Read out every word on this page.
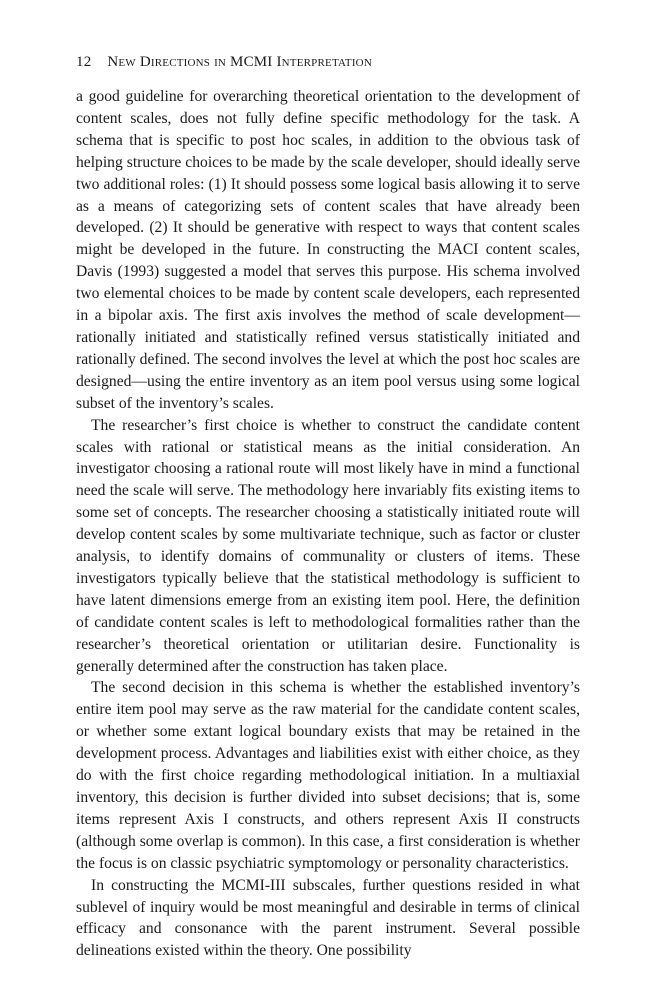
12 New Directions in MCMI Interpretation

a good guideline for overarching theoretical orientation to the development of content scales, does not fully define specific methodology for the task. A schema that is specific to post hoc scales, in addition to the obvious task of helping structure choices to be made by the scale developer, should ideally serve two additional roles: (1) It should possess some logical basis allowing it to serve as a means of categorizing sets of content scales that have already been developed. (2) It should be generative with respect to ways that content scales might be developed in the future. In constructing the MACI content scales, Davis (1993) suggested a model that serves this purpose. His schema involved two elemental choices to be made by content scale developers, each represented in a bipolar axis. The first axis involves the method of scale development—rationally initiated and statistically refined versus statistically initiated and rationally defined. The second involves the level at which the post hoc scales are designed—using the entire inventory as an item pool versus using some logical subset of the inventory’s scales.

The researcher’s first choice is whether to construct the candidate content scales with rational or statistical means as the initial consideration. An investigator choosing a rational route will most likely have in mind a functional need the scale will serve. The methodology here invariably fits existing items to some set of concepts. The researcher choosing a statistically initiated route will develop content scales by some multivariate technique, such as factor or cluster analysis, to identify domains of communality or clusters of items. These investigators typically believe that the statistical methodology is sufficient to have latent dimensions emerge from an existing item pool. Here, the definition of candidate content scales is left to methodological formalities rather than the researcher’s theoretical orientation or utilitarian desire. Functionality is generally determined after the construction has taken place.

The second decision in this schema is whether the established inventory’s entire item pool may serve as the raw material for the candidate content scales, or whether some extant logical boundary exists that may be retained in the development process. Advantages and liabilities exist with either choice, as they do with the first choice regarding methodological initiation. In a multiaxial inventory, this decision is further divided into subset decisions; that is, some items represent Axis I constructs, and others represent Axis II constructs (although some overlap is common). In this case, a first consideration is whether the focus is on classic psychiatric symptomology or personality characteristics.

In constructing the MCMI-III subscales, further questions resided in what sublevel of inquiry would be most meaningful and desirable in terms of clinical efficacy and consonance with the parent instrument. Several possible delineations existed within the theory. One possibility
